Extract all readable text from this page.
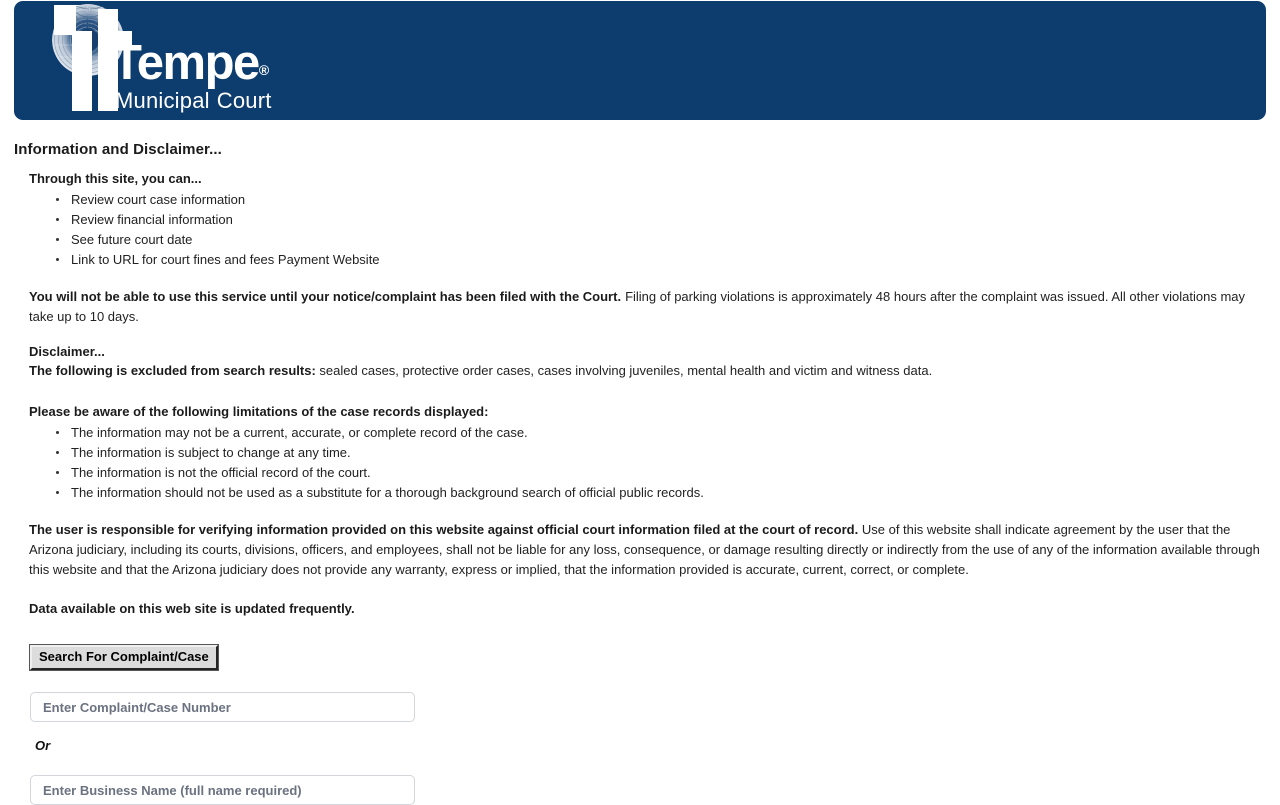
Tempe®
Municipal Court
Information and Disclaimer...

Through this site, you can...

Review court case information
Review financial information
See future court date
Link to URL for court fines and fees Payment Website

You will not be able to use this service until your notice/complaint has been filed with the Court. Filing of parking violations is approximately 48 hours after the complaint was issued. All other violations may take up to 10 days.

Disclaimer...

The following is excluded from search results: sealed cases, protective order cases, cases involving juveniles, mental health and victim and witness data.

Please be aware of the following limitations of the case records displayed:

The information may not be a current, accurate, or complete record of the case.
The information is subject to change at any time.
The information is not the official record of the court.
The information should not be used as a substitute for a thorough background search of official public records.

The user is responsible for verifying information provided on this website against official court information filed at the court of record. Use of this website shall indicate agreement by the user that the Arizona judiciary, including its courts, divisions, officers, and employees, shall not be liable for any loss, consequence, or damage resulting directly or indirectly from the use of any of the information available through this website and that the Arizona judiciary does not provide any warranty, express or implied, that the information provided is accurate, current, correct, or complete.

Data available on this web site is updated frequently.

Search For Complaint/Case
Enter Complaint/Case Number

Or

Enter Business Name (full name required)
